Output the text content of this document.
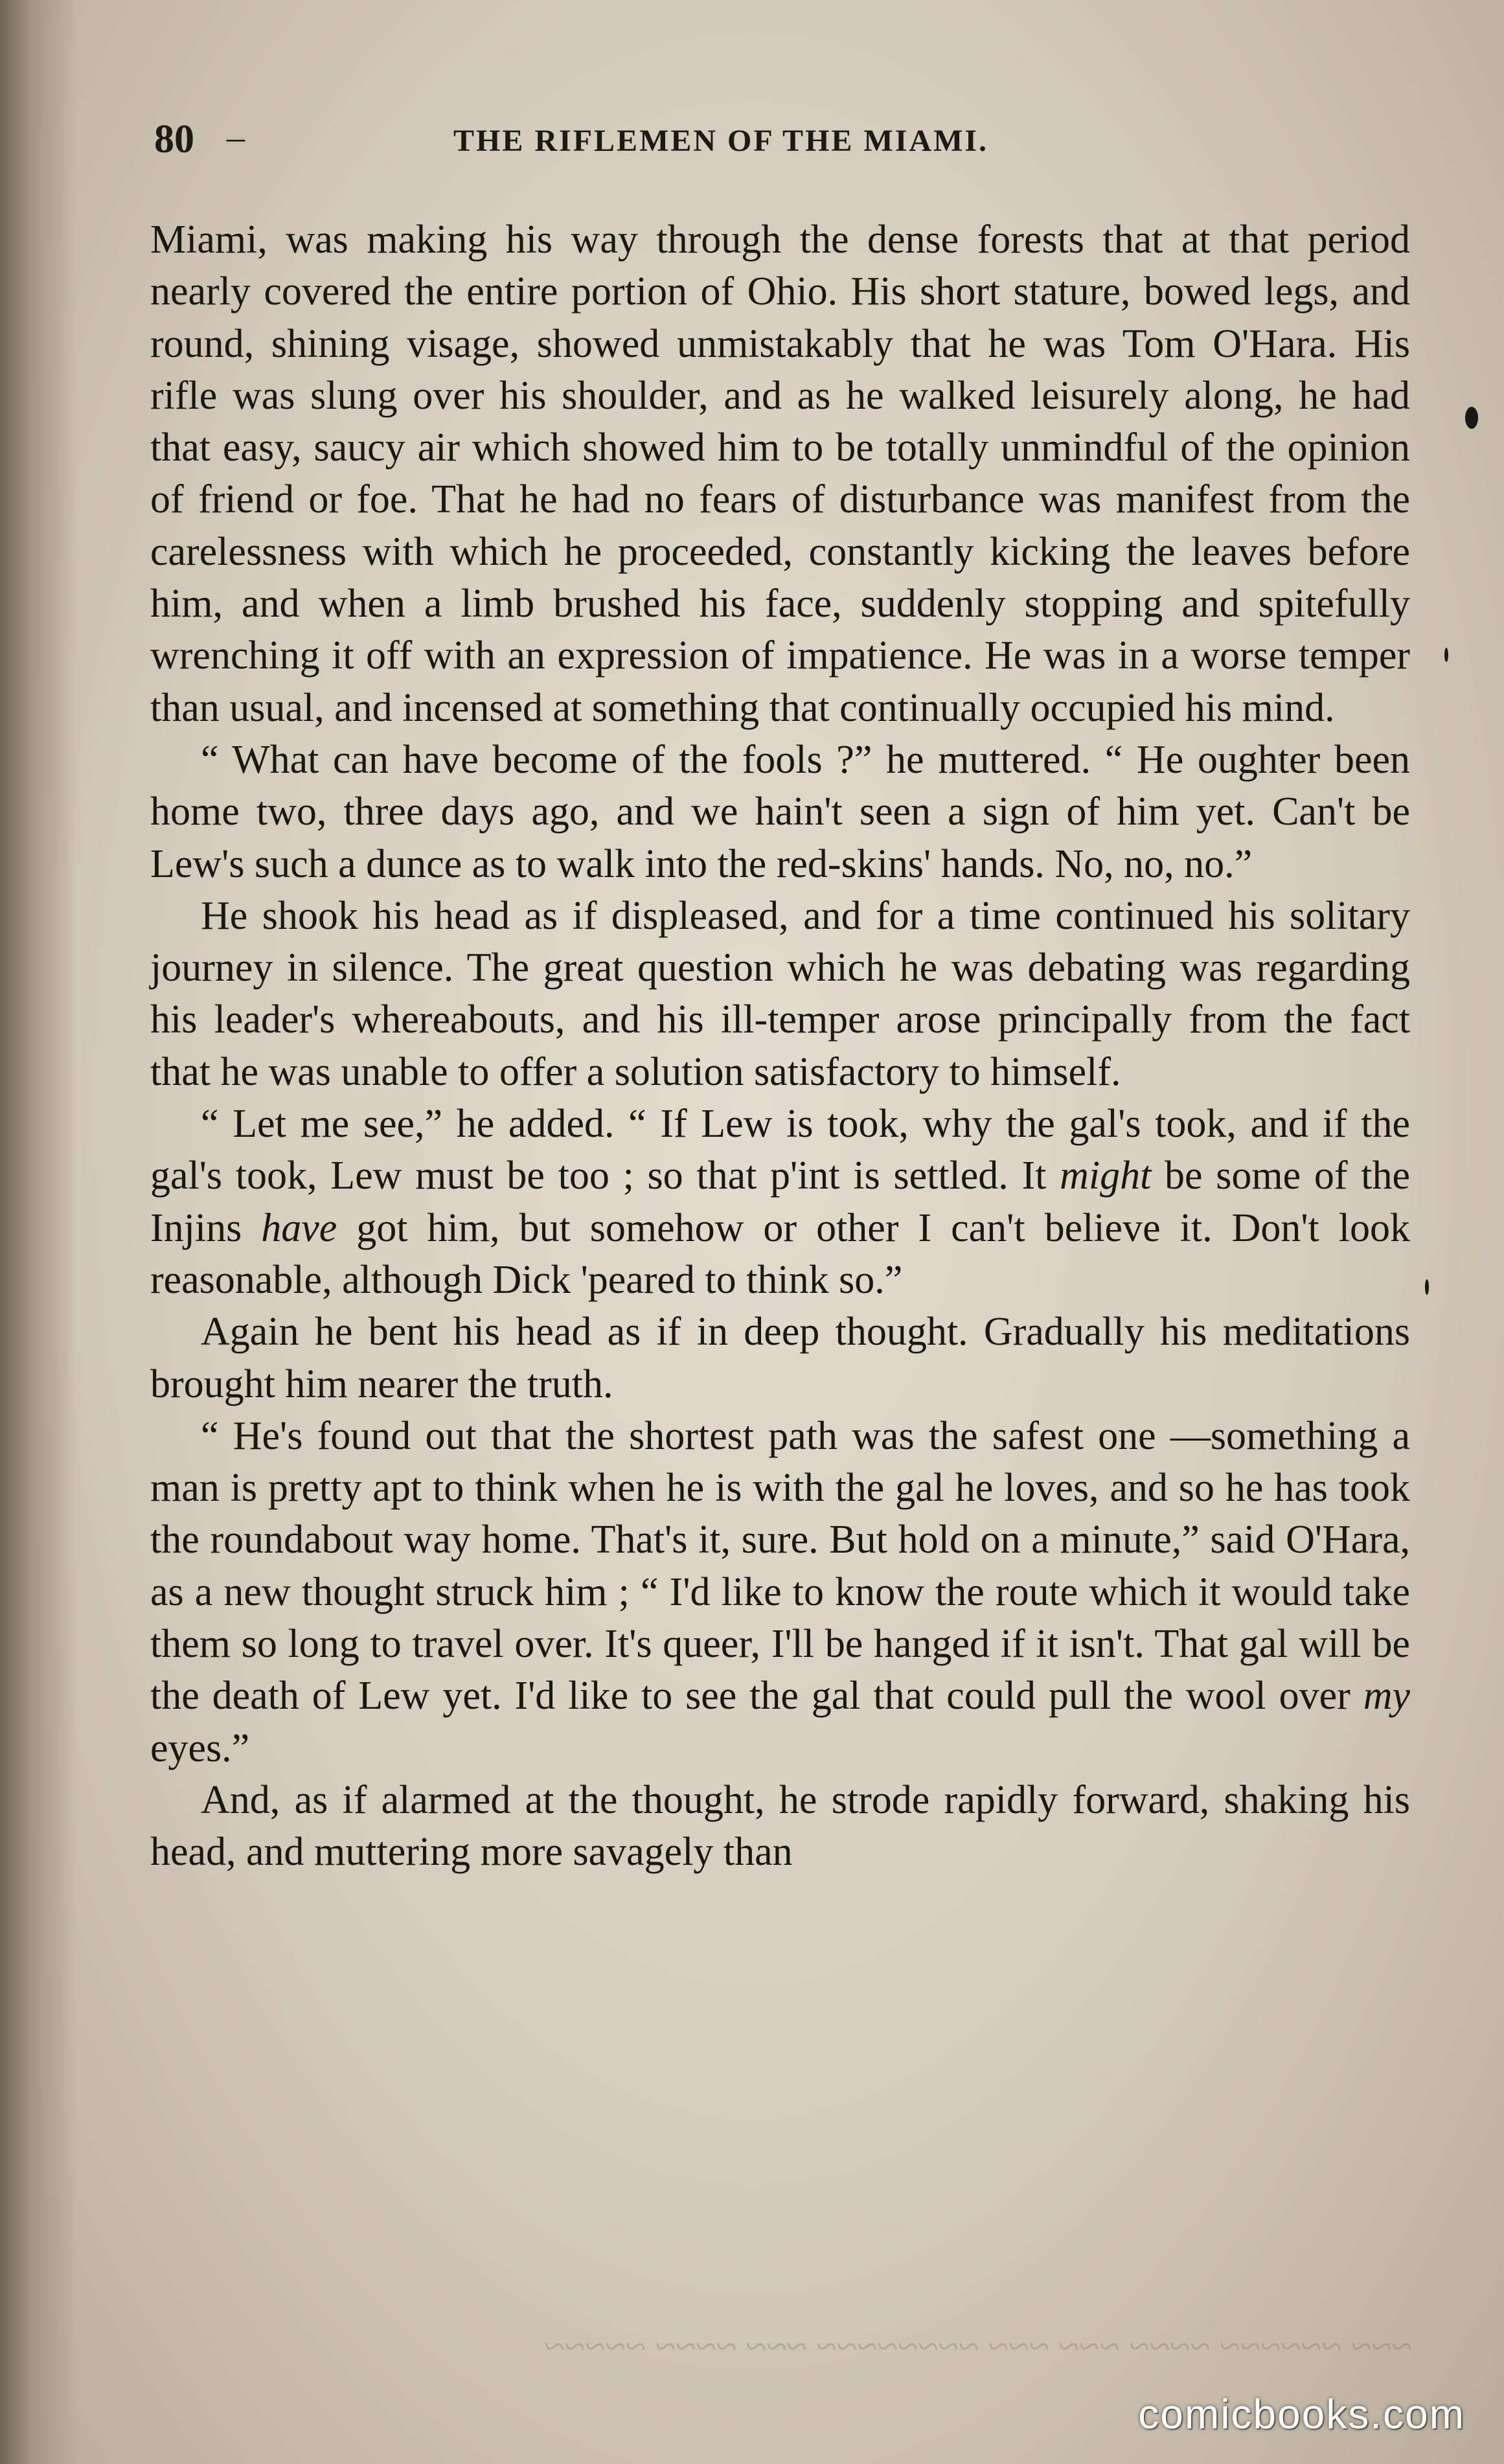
80 –	THE RIFLEMEN OF THE MIAMI.

Miami, was making his way through the dense forests that at that period nearly covered the entire portion of Ohio. His short stature, bowed legs, and round, shining visage, showed unmistakably that he was Tom O'Hara. His rifle was slung over his shoulder, and as he walked leisurely along, he had that easy, saucy air which showed him to be totally unmindful of the opinion of friend or foe. That he had no fears of disturbance was manifest from the carelessness with which he proceeded, constantly kicking the leaves before him, and when a limb brushed his face, suddenly stopping and spitefully wrenching it off with an expression of impatience. He was in a worse temper than usual, and incensed at something that continually occupied his mind.

“ What can have become of the fools ?” he muttered. “ He oughter been home two, three days ago, and we hain't seen a sign of him yet. Can't be Lew's such a dunce as to walk into the red-skins' hands. No, no, no.”

He shook his head as if displeased, and for a time continued his solitary journey in silence. The great question which he was debating was regarding his leader's whereabouts, and his ill-temper arose principally from the fact that he was unable to offer a solution satisfactory to himself.

“ Let me see,” he added. “ If Lew is took, why the gal's took, and if the gal's took, Lew must be too ; so that p'int is settled. It might be some of the Injins have got him, but somehow or other I can't believe it. Don't look reasonable, although Dick 'peared to think so.”

Again he bent his head as if in deep thought. Gradually his meditations brought him nearer the truth.

“ He's found out that the shortest path was the safest one —something a man is pretty apt to think when he is with the gal he loves, and so he has took the roundabout way home. That's it, sure. But hold on a minute,” said O'Hara, as a new thought struck him ; “ I'd like to know the route which it would take them so long to travel over. It's queer, I'll be hanged if it isn't. That gal will be the death of Lew yet. I'd like to see the gal that could pull the wool over my eyes.”

And, as if alarmed at the thought, he strode rapidly forward, shaking his head, and muttering more savagely than

~~~ ~~~~~~ ~~~~ ~~~ ~~~ ~~~~~~~~ ~~~ ~~~~ ~~~~~
comicbooks.com
